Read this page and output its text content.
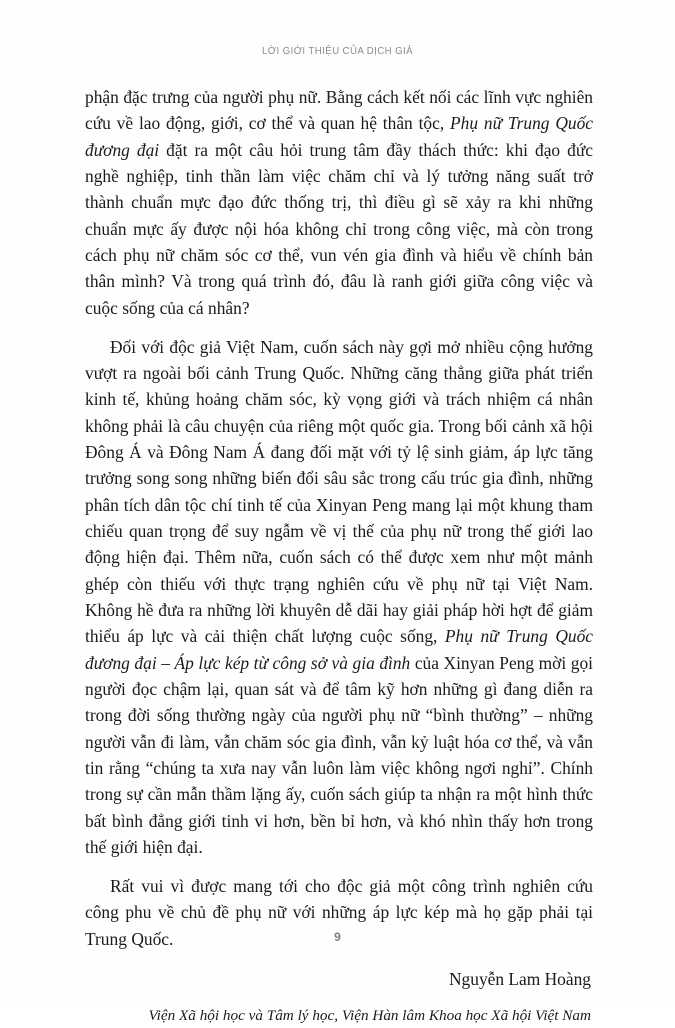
LỜI GIỚI THIỆU CỦA DỊCH GIẢ

phận đặc trưng của người phụ nữ. Bằng cách kết nối các lĩnh vực nghiên cứu về lao động, giới, cơ thể và quan hệ thân tộc, Phụ nữ Trung Quốc đương đại đặt ra một câu hỏi trung tâm đầy thách thức: khi đạo đức nghề nghiệp, tinh thần làm việc chăm chỉ và lý tưởng năng suất trở thành chuẩn mực đạo đức thống trị, thì điều gì sẽ xảy ra khi những chuẩn mực ấy được nội hóa không chỉ trong công việc, mà còn trong cách phụ nữ chăm sóc cơ thể, vun vén gia đình và hiểu về chính bản thân mình? Và trong quá trình đó, đâu là ranh giới giữa công việc và cuộc sống của cá nhân?

Đối với độc giả Việt Nam, cuốn sách này gợi mở nhiều cộng hưởng vượt ra ngoài bối cảnh Trung Quốc. Những căng thẳng giữa phát triển kinh tế, khủng hoảng chăm sóc, kỳ vọng giới và trách nhiệm cá nhân không phải là câu chuyện của riêng một quốc gia. Trong bối cảnh xã hội Đông Á và Đông Nam Á đang đối mặt với tỷ lệ sinh giảm, áp lực tăng trưởng song song những biến đổi sâu sắc trong cấu trúc gia đình, những phân tích dân tộc chí tinh tế của Xinyan Peng mang lại một khung tham chiếu quan trọng để suy ngẫm về vị thế của phụ nữ trong thế giới lao động hiện đại. Thêm nữa, cuốn sách có thể được xem như một mảnh ghép còn thiếu với thực trạng nghiên cứu về phụ nữ tại Việt Nam. Không hề đưa ra những lời khuyên dễ dãi hay giải pháp hời hợt để giảm thiểu áp lực và cải thiện chất lượng cuộc sống, Phụ nữ Trung Quốc đương đại – Áp lực kép từ công sở và gia đình của Xinyan Peng mời gọi người đọc chậm lại, quan sát và để tâm kỹ hơn những gì đang diễn ra trong đời sống thường ngày của người phụ nữ “bình thường” – những người vẫn đi làm, vẫn chăm sóc gia đình, vẫn kỷ luật hóa cơ thể, và vẫn tin rằng “chúng ta xưa nay vẫn luôn làm việc không ngơi nghỉ”. Chính trong sự cần mẫn thầm lặng ấy, cuốn sách giúp ta nhận ra một hình thức bất bình đẳng giới tinh vi hơn, bền bỉ hơn, và khó nhìn thấy hơn trong thế giới hiện đại.

Rất vui vì được mang tới cho độc giả một công trình nghiên cứu công phu về chủ đề phụ nữ với những áp lực kép mà họ gặp phải tại Trung Quốc.

Nguyễn Lam Hoàng
Viện Xã hội học và Tâm lý học, Viện Hàn lâm Khoa học Xã hội Việt Nam
9
